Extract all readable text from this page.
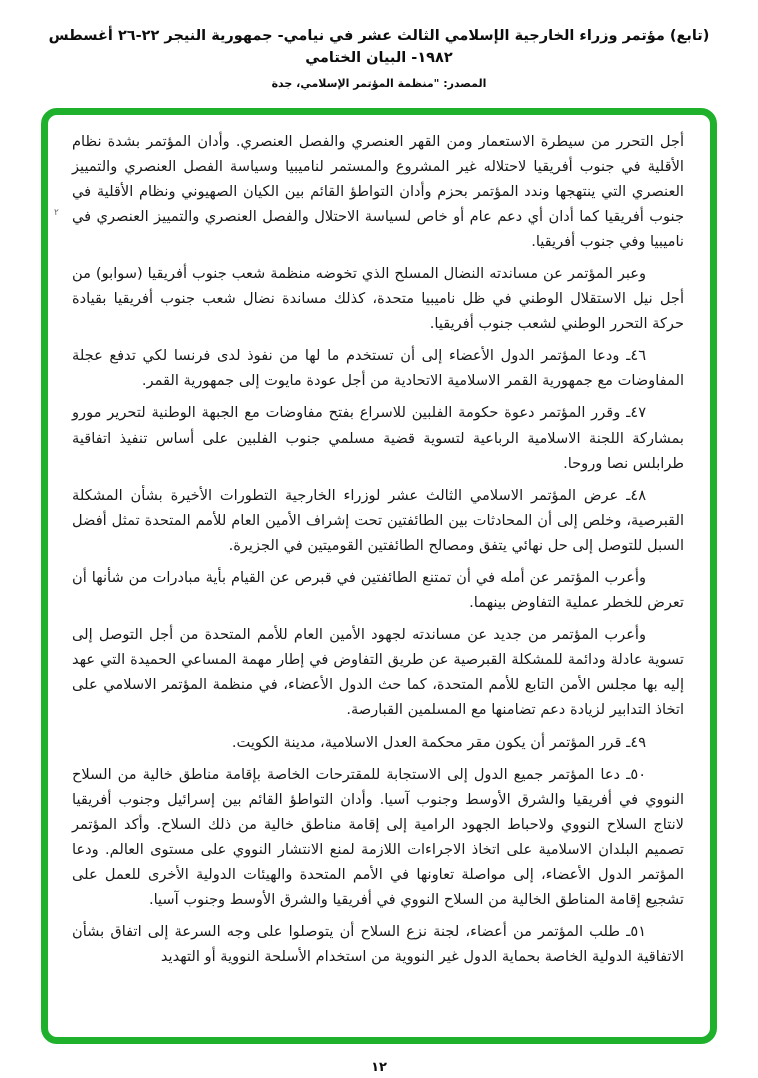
(تابع) مؤتمر وزراء الخارجية الإسلامي الثالث عشر في نيامي- جمهورية النيجر ٢٢-٢٦ أغسطس ١٩٨٢- البيان الختامي
المصدر: "منظمة المؤتمر الإسلامي، جدة
٢

أجل التحرر من سيطرة الاستعمار ومن القهر العنصري والفصل العنصري. وأدان المؤتمر بشدة نظام الأقلية في جنوب أفريقيا لاحتلاله غير المشروع والمستمر لناميبيا وسياسة الفصل العنصري والتمييز العنصري التي ينتهجها وندد المؤتمر بحزم وأدان التواطؤ القائم بين الكيان الصهيوني ونظام الأقلية في جنوب أفريقيا كما أدان أي دعم عام أو خاص لسياسة الاحتلال والفصل العنصري والتمييز العنصري في ناميبيا وفي جنوب أفريقيا.

وعبر المؤتمر عن مساندته النضال المسلح الذي تخوضه منظمة شعب جنوب أفريقيا (سوابو) من أجل نيل الاستقلال الوطني في ظل ناميبيا متحدة، كذلك مساندة نضال شعب جنوب أفريقيا بقيادة حركة التحرر الوطني لشعب جنوب أفريقيا.

٤٦ـ ودعا المؤتمر الدول الأعضاء إلى أن تستخدم ما لها من نفوذ لدى فرنسا لكي تدفع عجلة المفاوضات مع جمهورية القمر الاسلامية الاتحادية من أجل عودة مايوت إلى جمهورية القمر.

٤٧ـ وقرر المؤتمر دعوة حكومة الفلبين للاسراع بفتح مفاوضات مع الجبهة الوطنية لتحرير مورو بمشاركة اللجنة الاسلامية الرباعية لتسوية قضية مسلمي جنوب الفلبين على أساس تنفيذ اتفاقية طرابلس نصا وروحا.

٤٨ـ عرض المؤتمر الاسلامي الثالث عشر لوزراء الخارجية التطورات الأخيرة بشأن المشكلة القبرصية، وخلص إلى أن المحادثات بين الطائفتين تحت إشراف الأمين العام للأمم المتحدة تمثل أفضل السبل للتوصل إلى حل نهائي يتفق ومصالح الطائفتين القوميتين في الجزيرة.

وأعرب المؤتمر عن أمله في أن تمتنع الطائفتين في قبرص عن القيام بأية مبادرات من شأنها أن تعرض للخطر عملية التفاوض بينهما.

وأعرب المؤتمر من جديد عن مساندته لجهود الأمين العام للأمم المتحدة من أجل التوصل إلى تسوية عادلة ودائمة للمشكلة القبرصية عن طريق التفاوض في إطار مهمة المساعي الحميدة التي عهد إليه بها مجلس الأمن التابع للأمم المتحدة، كما حث الدول الأعضاء، في منظمة المؤتمر الاسلامي على اتخاذ التدابير لزيادة دعم تضامنها مع المسلمين القبارصة.

٤٩ـ قرر المؤتمر أن يكون مقر محكمة العدل الاسلامية، مدينة الكويت.

٥٠ـ دعا المؤتمر جميع الدول إلى الاستجابة للمقترحات الخاصة بإقامة مناطق خالية من السلاح النووي في أفريقيا والشرق الأوسط وجنوب آسيا. وأدان التواطؤ القائم بين إسرائيل وجنوب أفريقيا لانتاج السلاح النووي ولاحباط الجهود الرامية إلى إقامة مناطق خالية من ذلك السلاح. وأكد المؤتمر تصميم البلدان الاسلامية على اتخاذ الاجراءات اللازمة لمنع الانتشار النووي على مستوى العالم. ودعا المؤتمر الدول الأعضاء، إلى مواصلة تعاونها في الأمم المتحدة والهيئات الدولية الأخرى للعمل على تشجيع إقامة المناطق الخالية من السلاح النووي في أفريقيا والشرق الأوسط وجنوب آسيا.

٥١ـ طلب المؤتمر من أعضاء، لجنة نزع السلاح أن يتوصلوا على وجه السرعة إلى اتفاق بشأن الاتفاقية الدولية الخاصة بحماية الدول غير النووية من استخدام الأسلحة النووية أو التهديد

١٢
